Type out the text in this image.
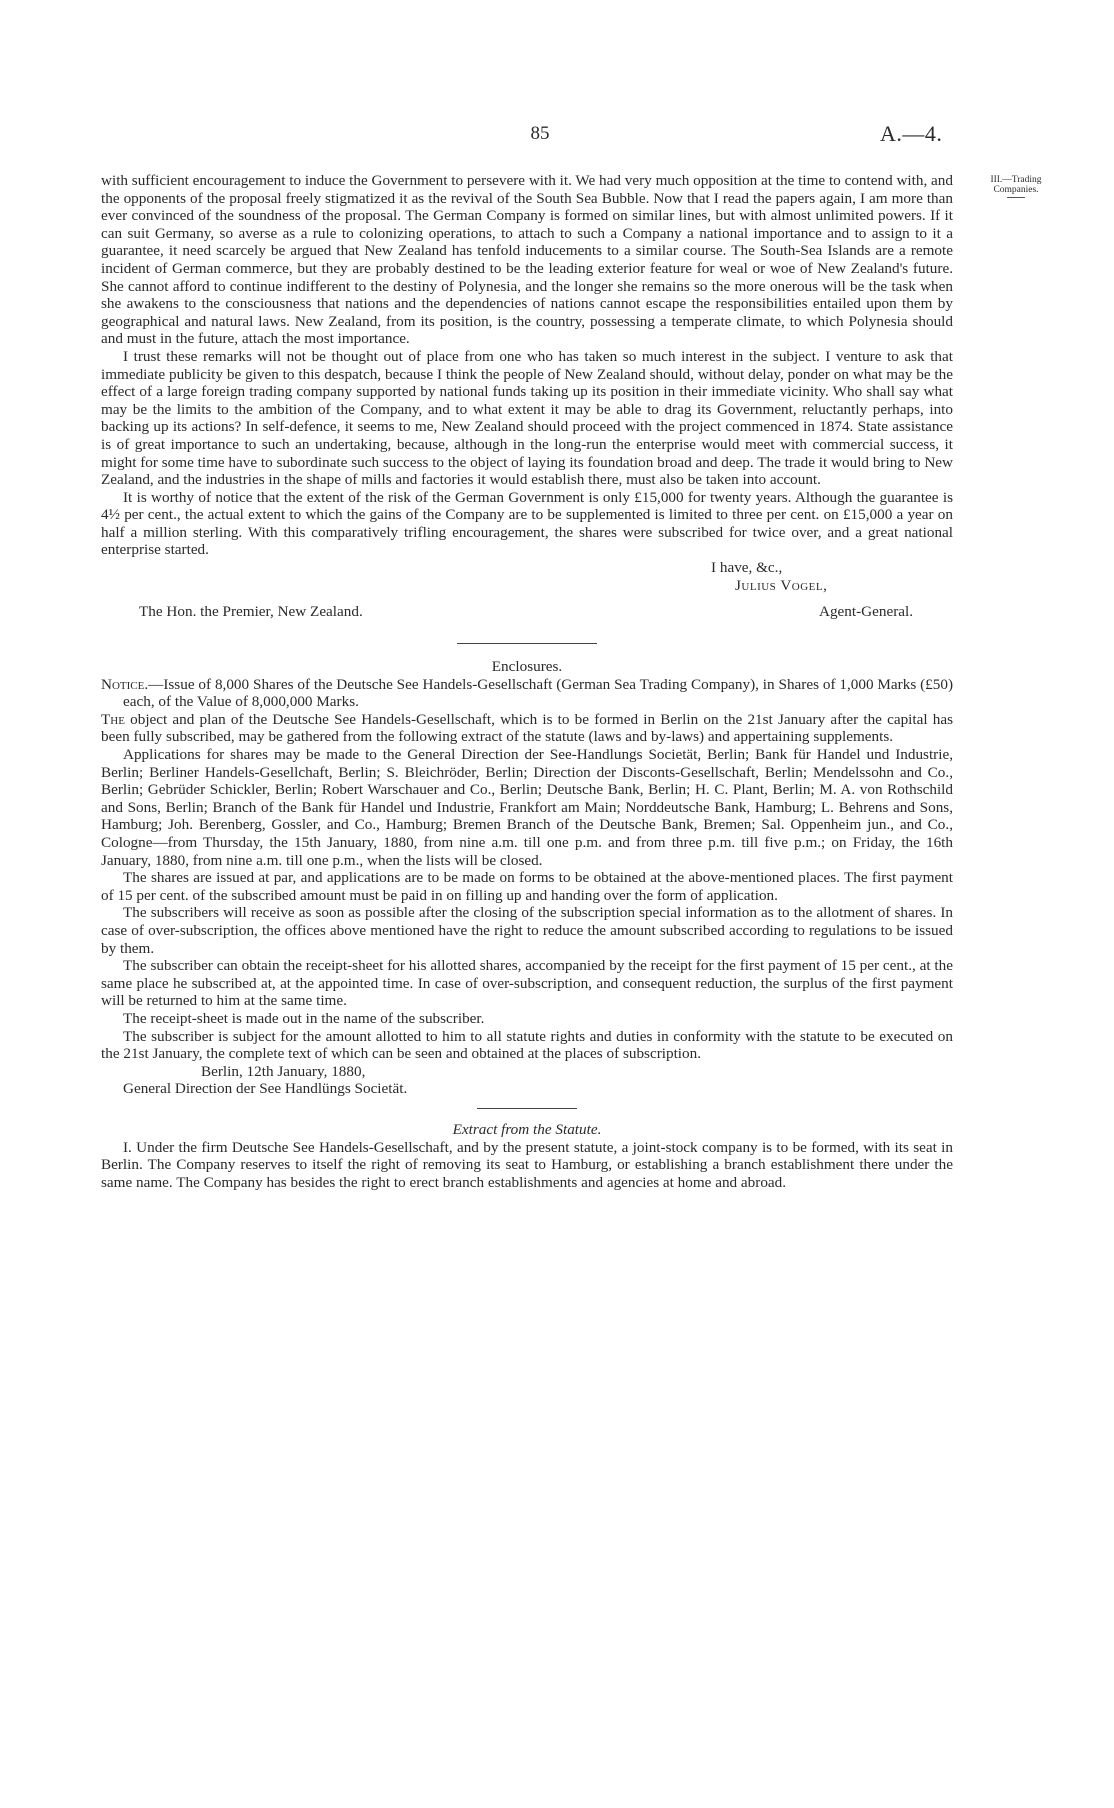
85	A.—4.
III.—Trading
Companies.

with sufficient encouragement to induce the Government to persevere with it. We had very much opposition at the time to contend with, and the opponents of the proposal freely stigmatized it as the revival of the South Sea Bubble. Now that I read the papers again, I am more than ever convinced of the soundness of the proposal. The German Company is formed on similar lines, but with almost unlimited powers. If it can suit Germany, so averse as a rule to colonizing operations, to attach to such a Company a national importance and to assign to it a guarantee, it need scarcely be argued that New Zealand has tenfold inducements to a similar course. The South-Sea Islands are a remote incident of German commerce, but they are probably destined to be the leading exterior feature for weal or woe of New Zealand's future. She cannot afford to continue indifferent to the destiny of Polynesia, and the longer she remains so the more onerous will be the task when she awakens to the consciousness that nations and the dependencies of nations cannot escape the responsibilities entailed upon them by geographical and natural laws. New Zealand, from its position, is the country, possessing a temperate climate, to which Polynesia should and must in the future, attach the most importance.

I trust these remarks will not be thought out of place from one who has taken so much interest in the subject. I venture to ask that immediate publicity be given to this despatch, because I think the people of New Zealand should, without delay, ponder on what may be the effect of a large foreign trading company supported by national funds taking up its position in their immediate vicinity. Who shall say what may be the limits to the ambition of the Company, and to what extent it may be able to drag its Government, reluctantly perhaps, into backing up its actions? In self-defence, it seems to me, New Zealand should proceed with the project commenced in 1874. State assistance is of great importance to such an undertaking, because, although in the long-run the enterprise would meet with commercial success, it might for some time have to subordinate such success to the object of laying its foundation broad and deep. The trade it would bring to New Zealand, and the industries in the shape of mills and factories it would establish there, must also be taken into account.

It is worthy of notice that the extent of the risk of the German Government is only £15,000 for twenty years. Although the guarantee is 4½ per cent., the actual extent to which the gains of the Company are to be supplemented is limited to three per cent. on £15,000 a year on half a million sterling. With this comparatively trifling encouragement, the shares were subscribed for twice over, and a great national enterprise started.

I have, &c.,
Julius Vogel,
The Hon. the Premier, New Zealand.	Agent-General.

Enclosures.

Notice.—Issue of 8,000 Shares of the Deutsche See Handels-Gesellschaft (German Sea Trading Company), in Shares of 1,000 Marks (£50) each, of the Value of 8,000,000 Marks.

The object and plan of the Deutsche See Handels-Gesellschaft, which is to be formed in Berlin on the 21st January after the capital has been fully subscribed, may be gathered from the following extract of the statute (laws and by-laws) and appertaining supplements.

Applications for shares may be made to the General Direction der See-Handlungs Societät, Berlin; Bank für Handel und Industrie, Berlin; Berliner Handels-Gesellchaft, Berlin; S. Bleichröder, Berlin; Direction der Disconts-Gesellschaft, Berlin; Mendelssohn and Co., Berlin; Gebrüder Schickler, Berlin; Robert Warschauer and Co., Berlin; Deutsche Bank, Berlin; H. C. Plant, Berlin; M. A. von Rothschild and Sons, Berlin; Branch of the Bank für Handel und Industrie, Frankfort am Main; Norddeutsche Bank, Hamburg; L. Behrens and Sons, Hamburg; Joh. Berenberg, Gossler, and Co., Hamburg; Bremen Branch of the Deutsche Bank, Bremen; Sal. Oppenheim jun., and Co., Cologne—from Thursday, the 15th January, 1880, from nine a.m. till one p.m. and from three p.m. till five p.m.; on Friday, the 16th January, 1880, from nine a.m. till one p.m., when the lists will be closed.

The shares are issued at par, and applications are to be made on forms to be obtained at the above-mentioned places. The first payment of 15 per cent. of the subscribed amount must be paid in on filling up and handing over the form of application.

The subscribers will receive as soon as possible after the closing of the subscription special information as to the allotment of shares. In case of over-subscription, the offices above mentioned have the right to reduce the amount subscribed according to regulations to be issued by them.

The subscriber can obtain the receipt-sheet for his allotted shares, accompanied by the receipt for the first payment of 15 per cent., at the same place he subscribed at, at the appointed time. In case of over-subscription, and consequent reduction, the surplus of the first payment will be returned to him at the same time.

The receipt-sheet is made out in the name of the subscriber.

The subscriber is subject for the amount allotted to him to all statute rights and duties in conformity with the statute to be executed on the 21st January, the complete text of which can be seen and obtained at the places of subscription.

Berlin, 12th January, 1880,

General Direction der See Handlüngs Societät.

Extract from the Statute.

I. Under the firm Deutsche See Handels-Gesellschaft, and by the present statute, a joint-stock company is to be formed, with its seat in Berlin. The Company reserves to itself the right of removing its seat to Hamburg, or establishing a branch establishment there under the same name. The Company has besides the right to erect branch establishments and agencies at home and abroad.
